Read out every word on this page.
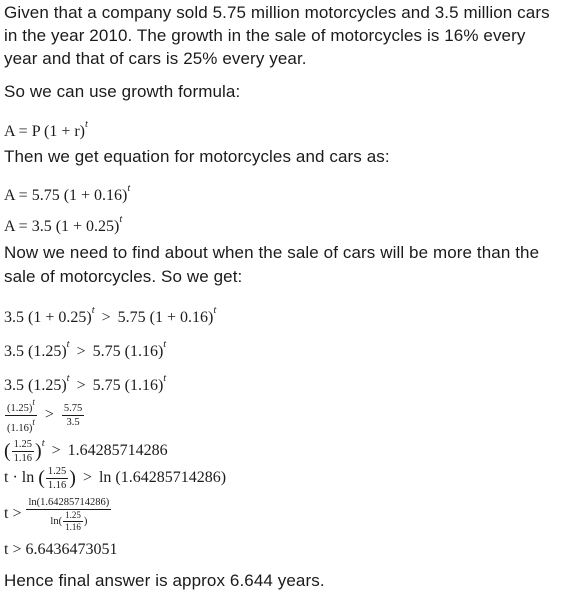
Given that a company sold 5.75 million motorcycles and 3.5 million cars
in the year 2010. The growth in the sale of motorcycles is 16% every
year and that of cars is 25% every year.
So we can use growth formula:
A = P $(1 + r)^t$
Then we get equation for motorcycles and cars as:
A = 5.75 $(1 + 0.16)^t$
A = 3.5 $(1 + 0.25)^t$
Now we need to find about when the sale of cars will be more than the
sale of motorcycles. So we get:
3.5 $(1 + 0.25)^t > 5.75$ $(1 + 0.16)^t$
3.5 $(1.25)^t > 5.75$ $(1.16)^t$
3.5 $(1.25)^t > 5.75$ $(1.16)^t$
$\frac{(1.25)t}{(1.16)t} > \frac{5.75}{3.5}$
( $\frac{1.25}{1.16} )^t > 1.64285714286$
t · ln ( $\frac{1.25}{1.16}$ ) > ln (1.64285714286)
$t > \frac{\ln(1.64285714286)}{\ln( \frac{1.25}{1.16} )}$
t > 6.6436473051
Hence final answer is approx 6.644 years.
